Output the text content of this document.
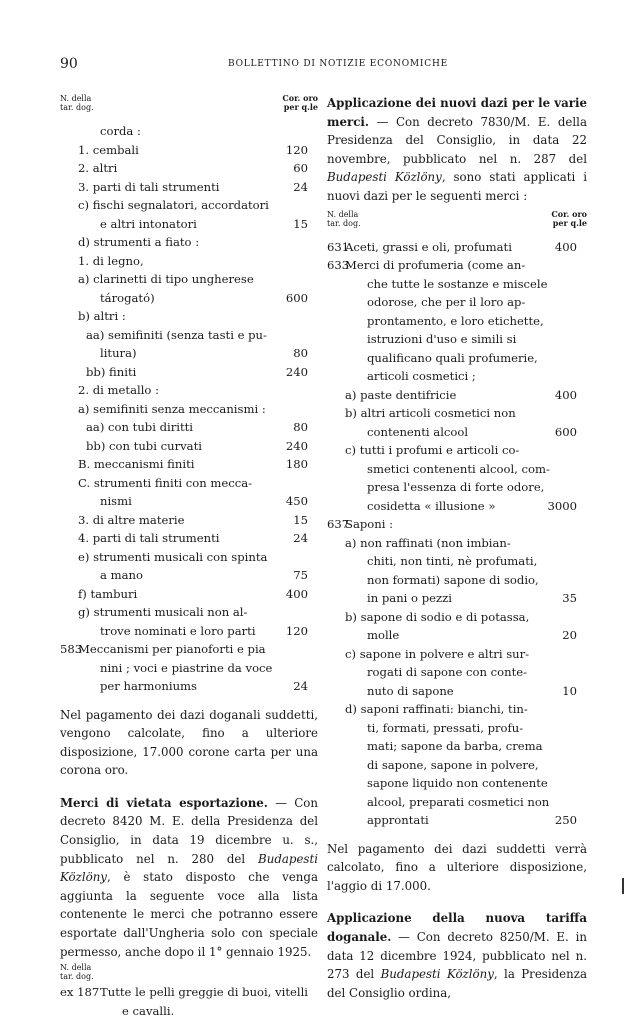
90	BOLLETTINO DI NOTIZIE ECONOMICHE
N. della
tar. dog.
Cor. oro
per q.le
corda :
1. cembali	120
2. altri	60
3. parti di tali strumenti	24
c) fischi segnalatori, accordatori
e altri intonatori	15
d) strumenti a fiato :
1. di legno,
a) clarinetti di tipo ungherese
tárogató)	600
b) altri :
aa) semifiniti (senza tasti e pu-
litura)	80
bb) finiti	240
2. di metallo :
a) semifiniti senza meccanismi :
aa) con tubi diritti	80
bb) con tubi curvati	240
B. meccanismi finiti	180
C. strumenti finiti con mecca-
nismi	450
3. di altre materie	15
4. parti di tali strumenti	24
e) strumenti musicali con spinta
a mano	75
f) tamburi	400
g) strumenti musicali non al-
trove nominati e loro parti	120
583
Meccanismi per pianoforti e pia
nini ; voci e piastrine da voce
per harmoniums	24

Nel pagamento dei dazi doganali suddetti, vengono calcolate, fino a ulteriore disposizione, 17.000 corone carta per una corona oro.

Merci di vietata esportazione. — Con decreto 8420 M. E. della Presidenza del Consiglio, in data 19 dicembre u. s., pubblicato nel n. 280 del Budapesti Közlöny, è stato disposto che venga aggiunta la seguente voce alla lista contenente le merci che potranno essere esportate dall'Ungheria solo con speciale permesso, anche dopo il 1° gennaio 1925.

N. della
tar. dog.
ex 187 Tutte le pelli greggie di buoi, vitelli
e cavalli.

Applicazione dei nuovi dazi per le varie merci. — Con decreto 7830/M. E. della Presidenza del Consiglio, in data 22 novembre, pubblicato nel n. 287 del Budapesti Közlöny, sono stati applicati i nuovi dazi per le seguenti merci :

N. della
tar. dog.
Cor. oro
per q.le
631
Aceti, grassi e oli, profumati	400
633
Merci di profumeria (come an-
che tutte le sostanze e miscele
odorose, che per il loro ap-
prontamento, e loro etichette,
istruzioni d'uso e simili si
qualificano quali profumerie,
articoli cosmetici ;
a) paste dentifricie	400
b) altri articoli cosmetici non
contenenti alcool	600
c) tutti i profumi e articoli co-
smetici contenenti alcool, com-
presa l'essenza di forte odore,
cosidetta « illusione »	3000
637
Saponi :
a) non raffinati (non imbian-
chiti, non tinti, nè profumati,
non formati) sapone di sodio,
in pani o pezzi	35
b) sapone di sodio e di potassa,
molle	20
c) sapone in polvere e altri sur-
rogati di sapone con conte-
nuto di sapone	10
d) saponi raffinati: bianchi, tin-
ti, formati, pressati, profu-
mati; sapone da barba, crema
di sapone, sapone in polvere,
sapone liquido non contenente
alcool, preparati cosmetici non
approntati	250

Nel pagamento dei dazi suddetti verrà calcolato, fino a ulteriore disposizione, l'aggio di 17.000.

Applicazione della nuova tariffa doganale. — Con decreto 8250/M. E. in data 12 dicembre 1924, pubblicato nel n. 273 del Budapesti Közlöny, la Presidenza del Consiglio ordina,
